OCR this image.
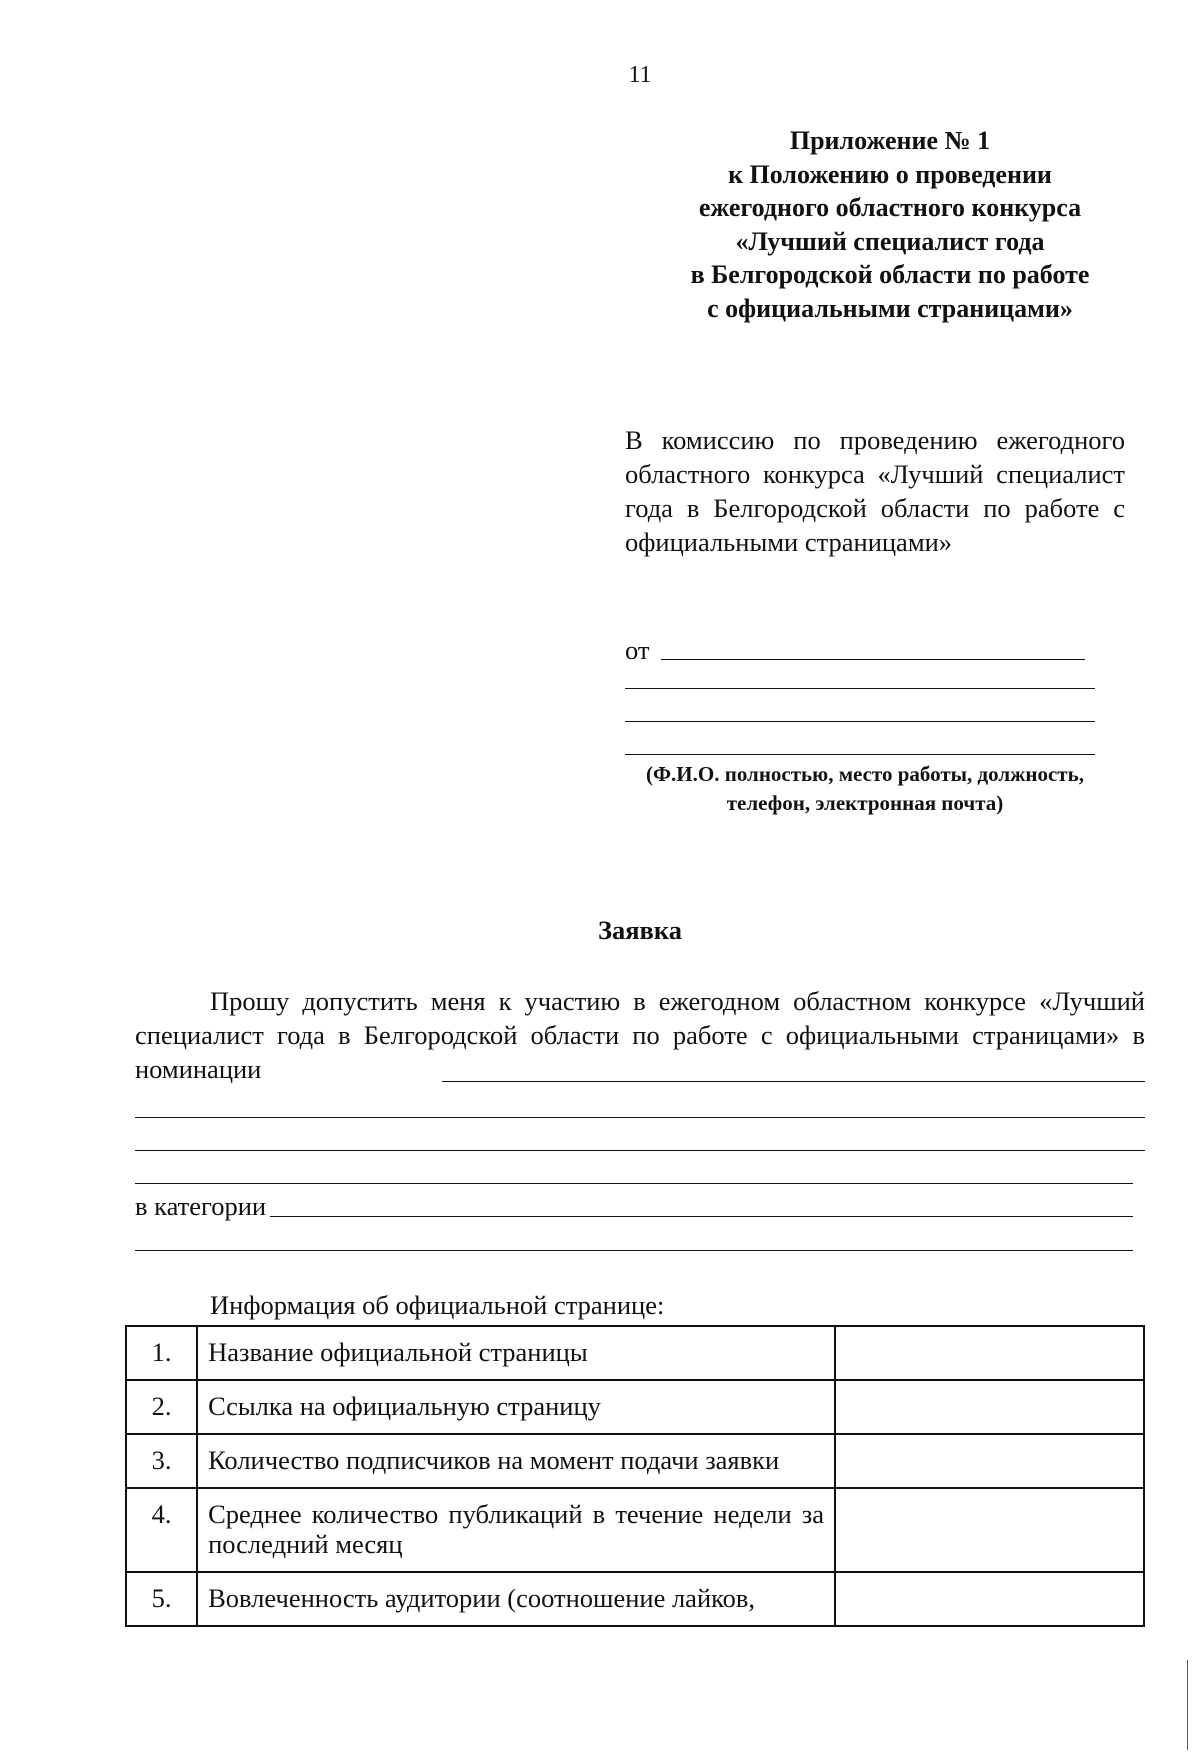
11
Приложение № 1
к Положению о проведении
ежегодного областного конкурса
«Лучший специалист года
в Белгородской области по работе
с официальными страницами»
В комиссию по проведению ежегодного областного конкурса «Лучший специалист года в Белгородской области по работе с официальными страницами»
от
(Ф.И.О. полностью, место работы, должность, телефон, электронная почта)
Заявка
Прошу допустить меня к участию в ежегодном областном конкурсе «Лучший специалист года в Белгородской области по работе с официальными страницами» в номинации
в категории
Информация об официальной странице:
1.	Название официальной страницы	
2.	Ссылка на официальную страницу	
3.	Количество подписчиков на момент подачи заявки	
4.	Среднее количество публикаций в течение недели за последний месяц	
5.	Вовлеченность аудитории (соотношение лайков,	
